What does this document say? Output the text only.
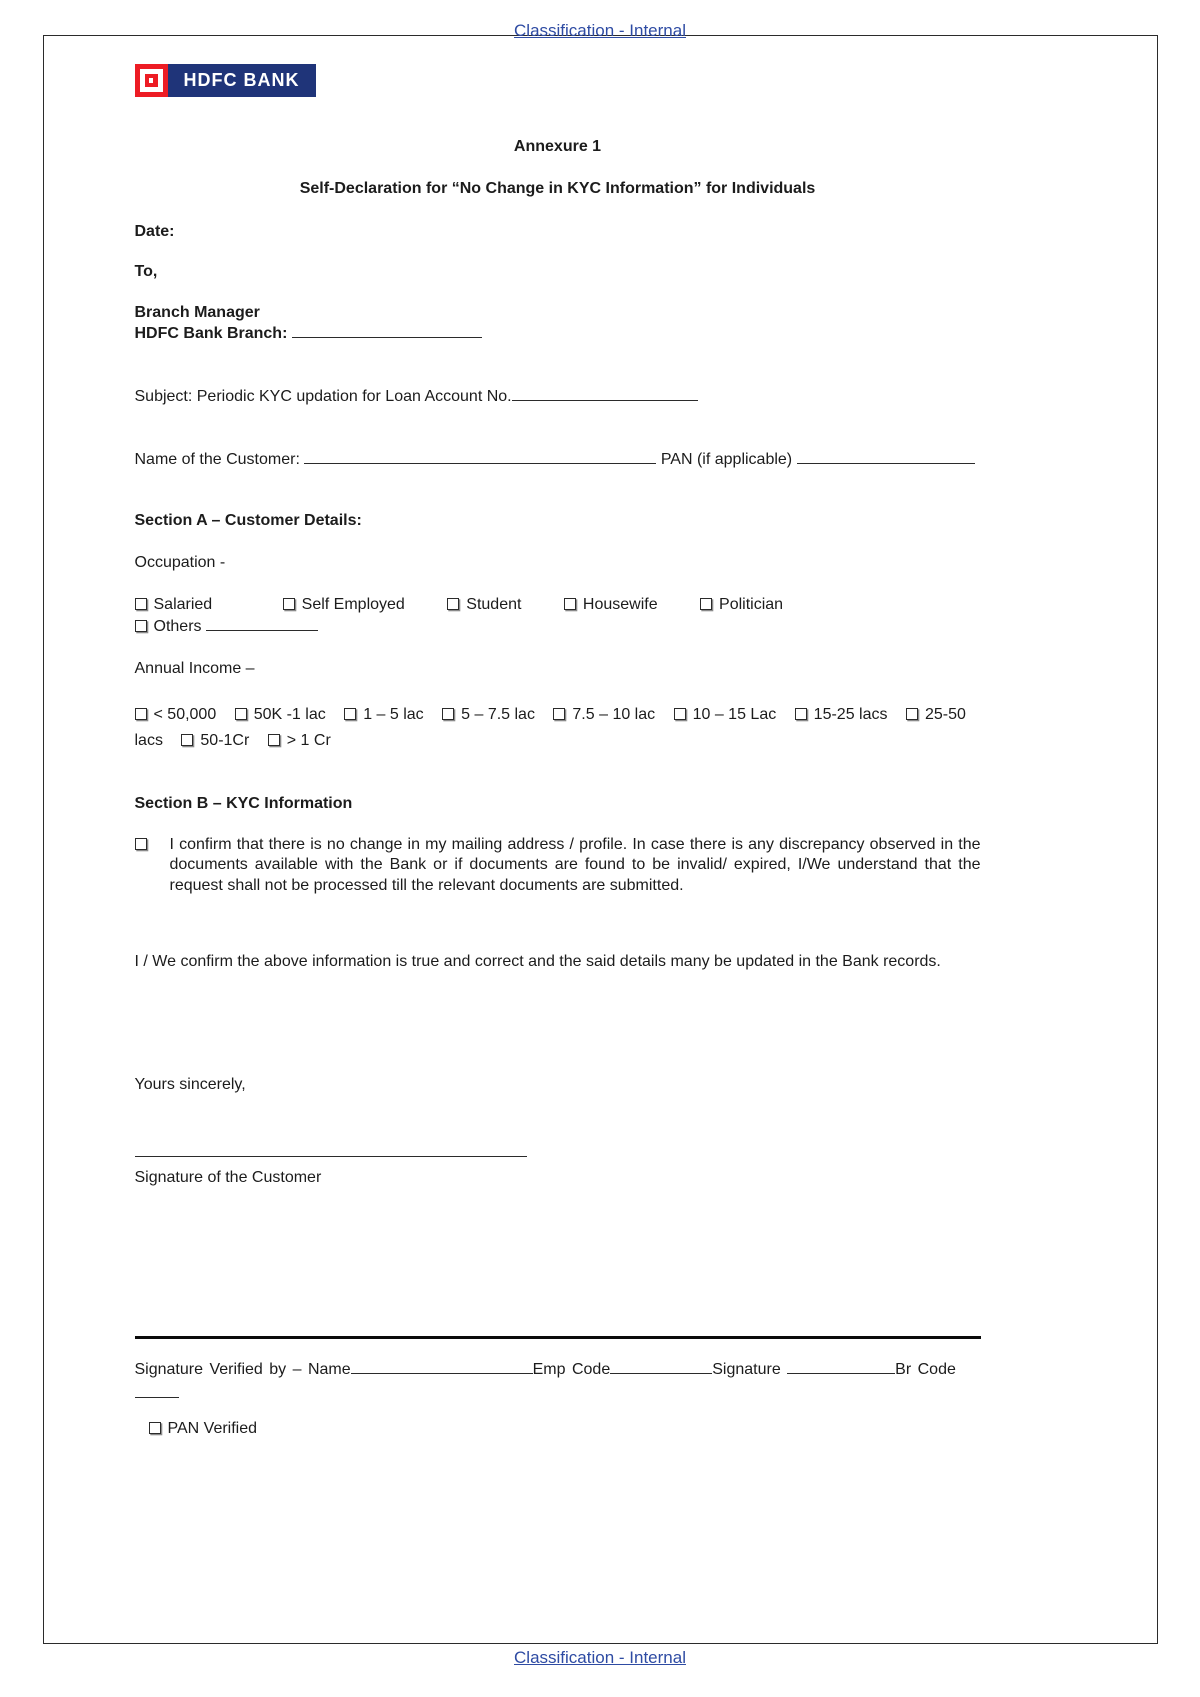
Classification - Internal
HDFC BANK
Annexure 1
Self-Declaration for “No Change in KYC Information” for Individuals
Date:
To,
Branch Manager
HDFC Bank Branch:
Subject: Periodic KYC updation for Loan Account No.
Name of the Customer:	PAN (if applicable)
Section A – Customer Details:
Occupation -
Salaried	Self Employed	Student	Housewife	Politician Others
Annual Income –
< 50,000 50K -1 lac 1 – 5 lac 5 – 7.5 lac 7.5 – 10 lac 10 – 15 Lac 15-25 lacs 25-50 lacs 50-1Cr > 1 Cr
Section B – KYC Information
I confirm that there is no change in my mailing address / profile. In case there is any discrepancy observed in the documents available with the Bank or if documents are found to be invalid/ expired, I/We understand that the request shall not be processed till the relevant documents are submitted.
I / We confirm the above information is true and correct and the said details many be updated in the Bank records.
Yours sincerely,
Signature of the Customer
Signature Verified by – Name	Emp Code	Signature	Br Code
PAN Verified
Classification - Internal
